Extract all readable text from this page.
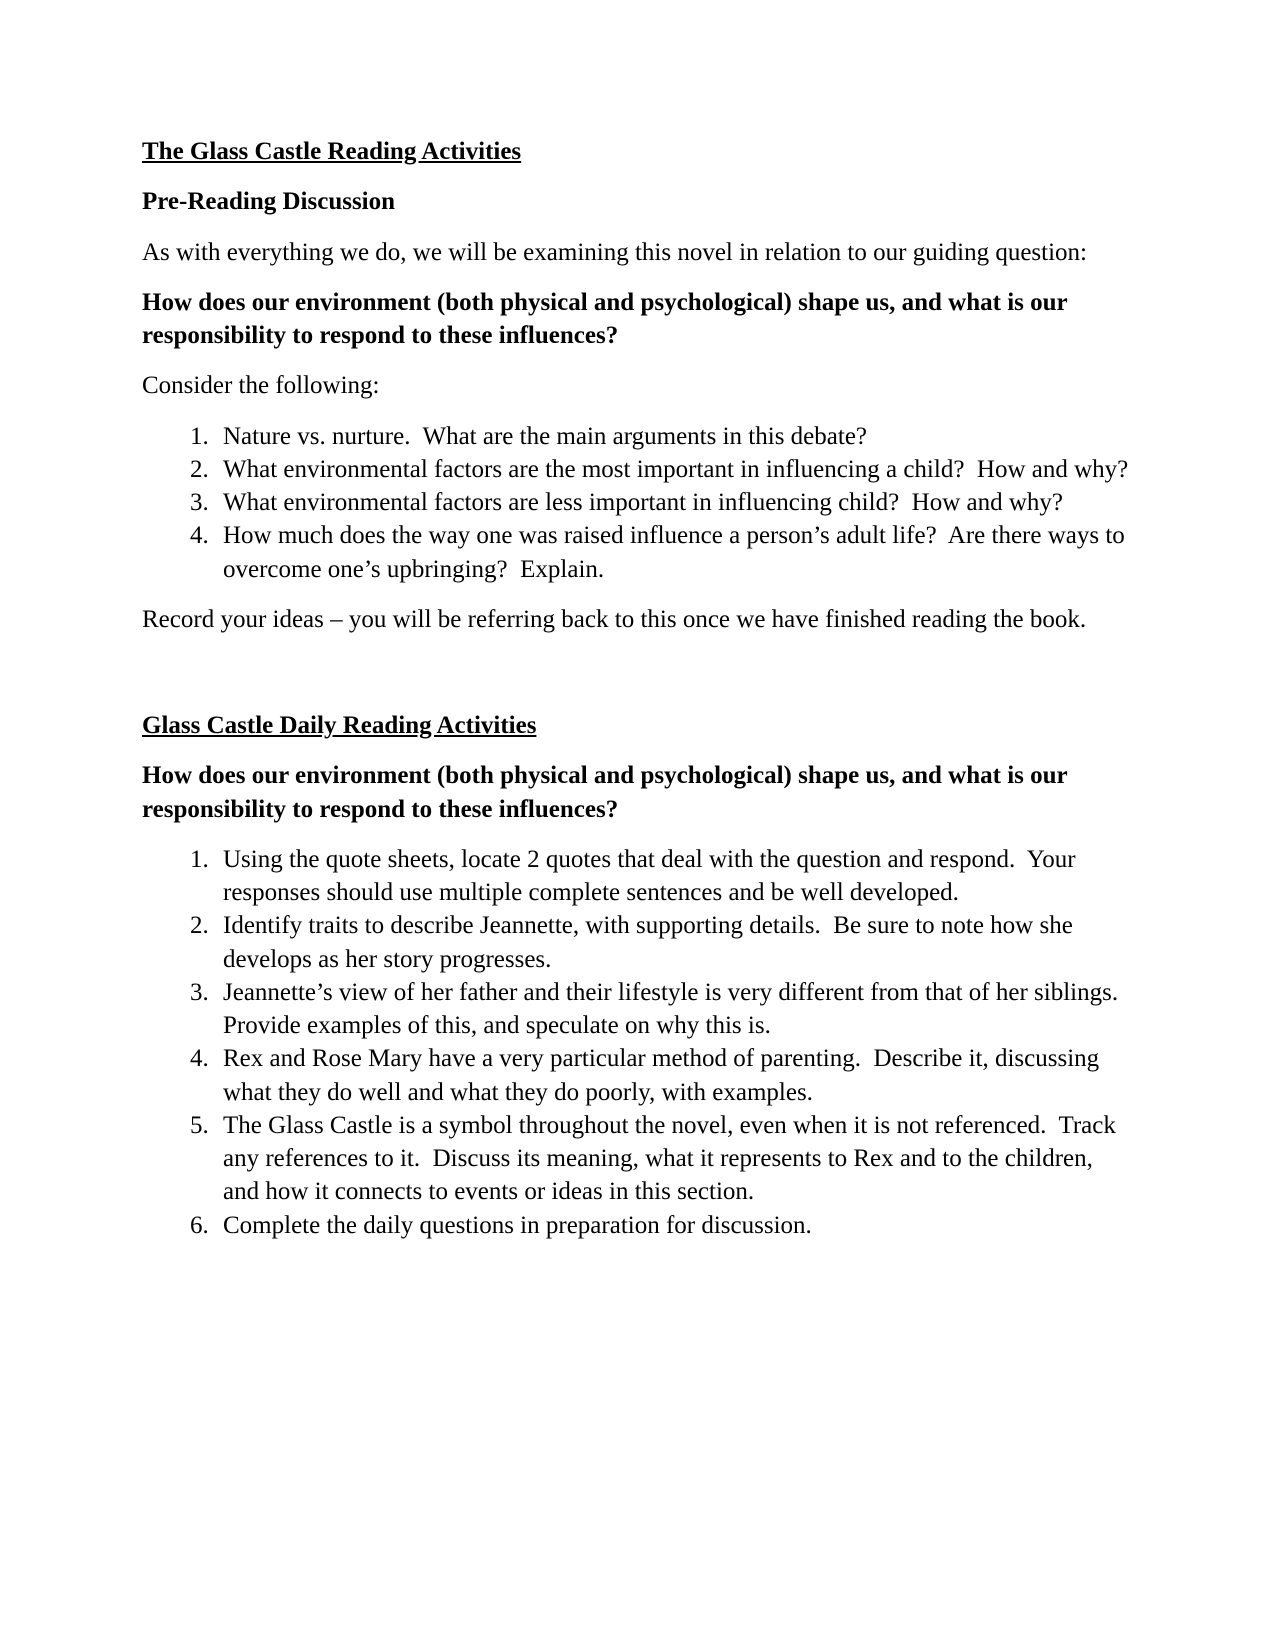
The Glass Castle Reading Activities
Pre-Reading Discussion

As with everything we do, we will be examining this novel in relation to our guiding question:

How does our environment (both physical and psychological) shape us, and what is our responsibility to respond to these influences?

Consider the following:

1. Nature vs. nurture.  What are the main arguments in this debate?
2. What environmental factors are the most important in influencing a child?  How and why?
3. What environmental factors are less important in influencing child?  How and why?
4. How much does the way one was raised influence a person’s adult life?  Are there ways to overcome one’s upbringing?  Explain.

Record your ideas – you will be referring back to this once we have finished reading the book.

Glass Castle Daily Reading Activities

How does our environment (both physical and psychological) shape us, and what is our responsibility to respond to these influences?

1. Using the quote sheets, locate 2 quotes that deal with the question and respond.  Your responses should use multiple complete sentences and be well developed.
2. Identify traits to describe Jeannette, with supporting details.  Be sure to note how she develops as her story progresses.
3. Jeannette’s view of her father and their lifestyle is very different from that of her siblings.  Provide examples of this, and speculate on why this is.
4. Rex and Rose Mary have a very particular method of parenting.  Describe it, discussing what they do well and what they do poorly, with examples.
5. The Glass Castle is a symbol throughout the novel, even when it is not referenced.  Track any references to it.  Discuss its meaning, what it represents to Rex and to the children, and how it connects to events or ideas in this section.
6. Complete the daily questions in preparation for discussion.
